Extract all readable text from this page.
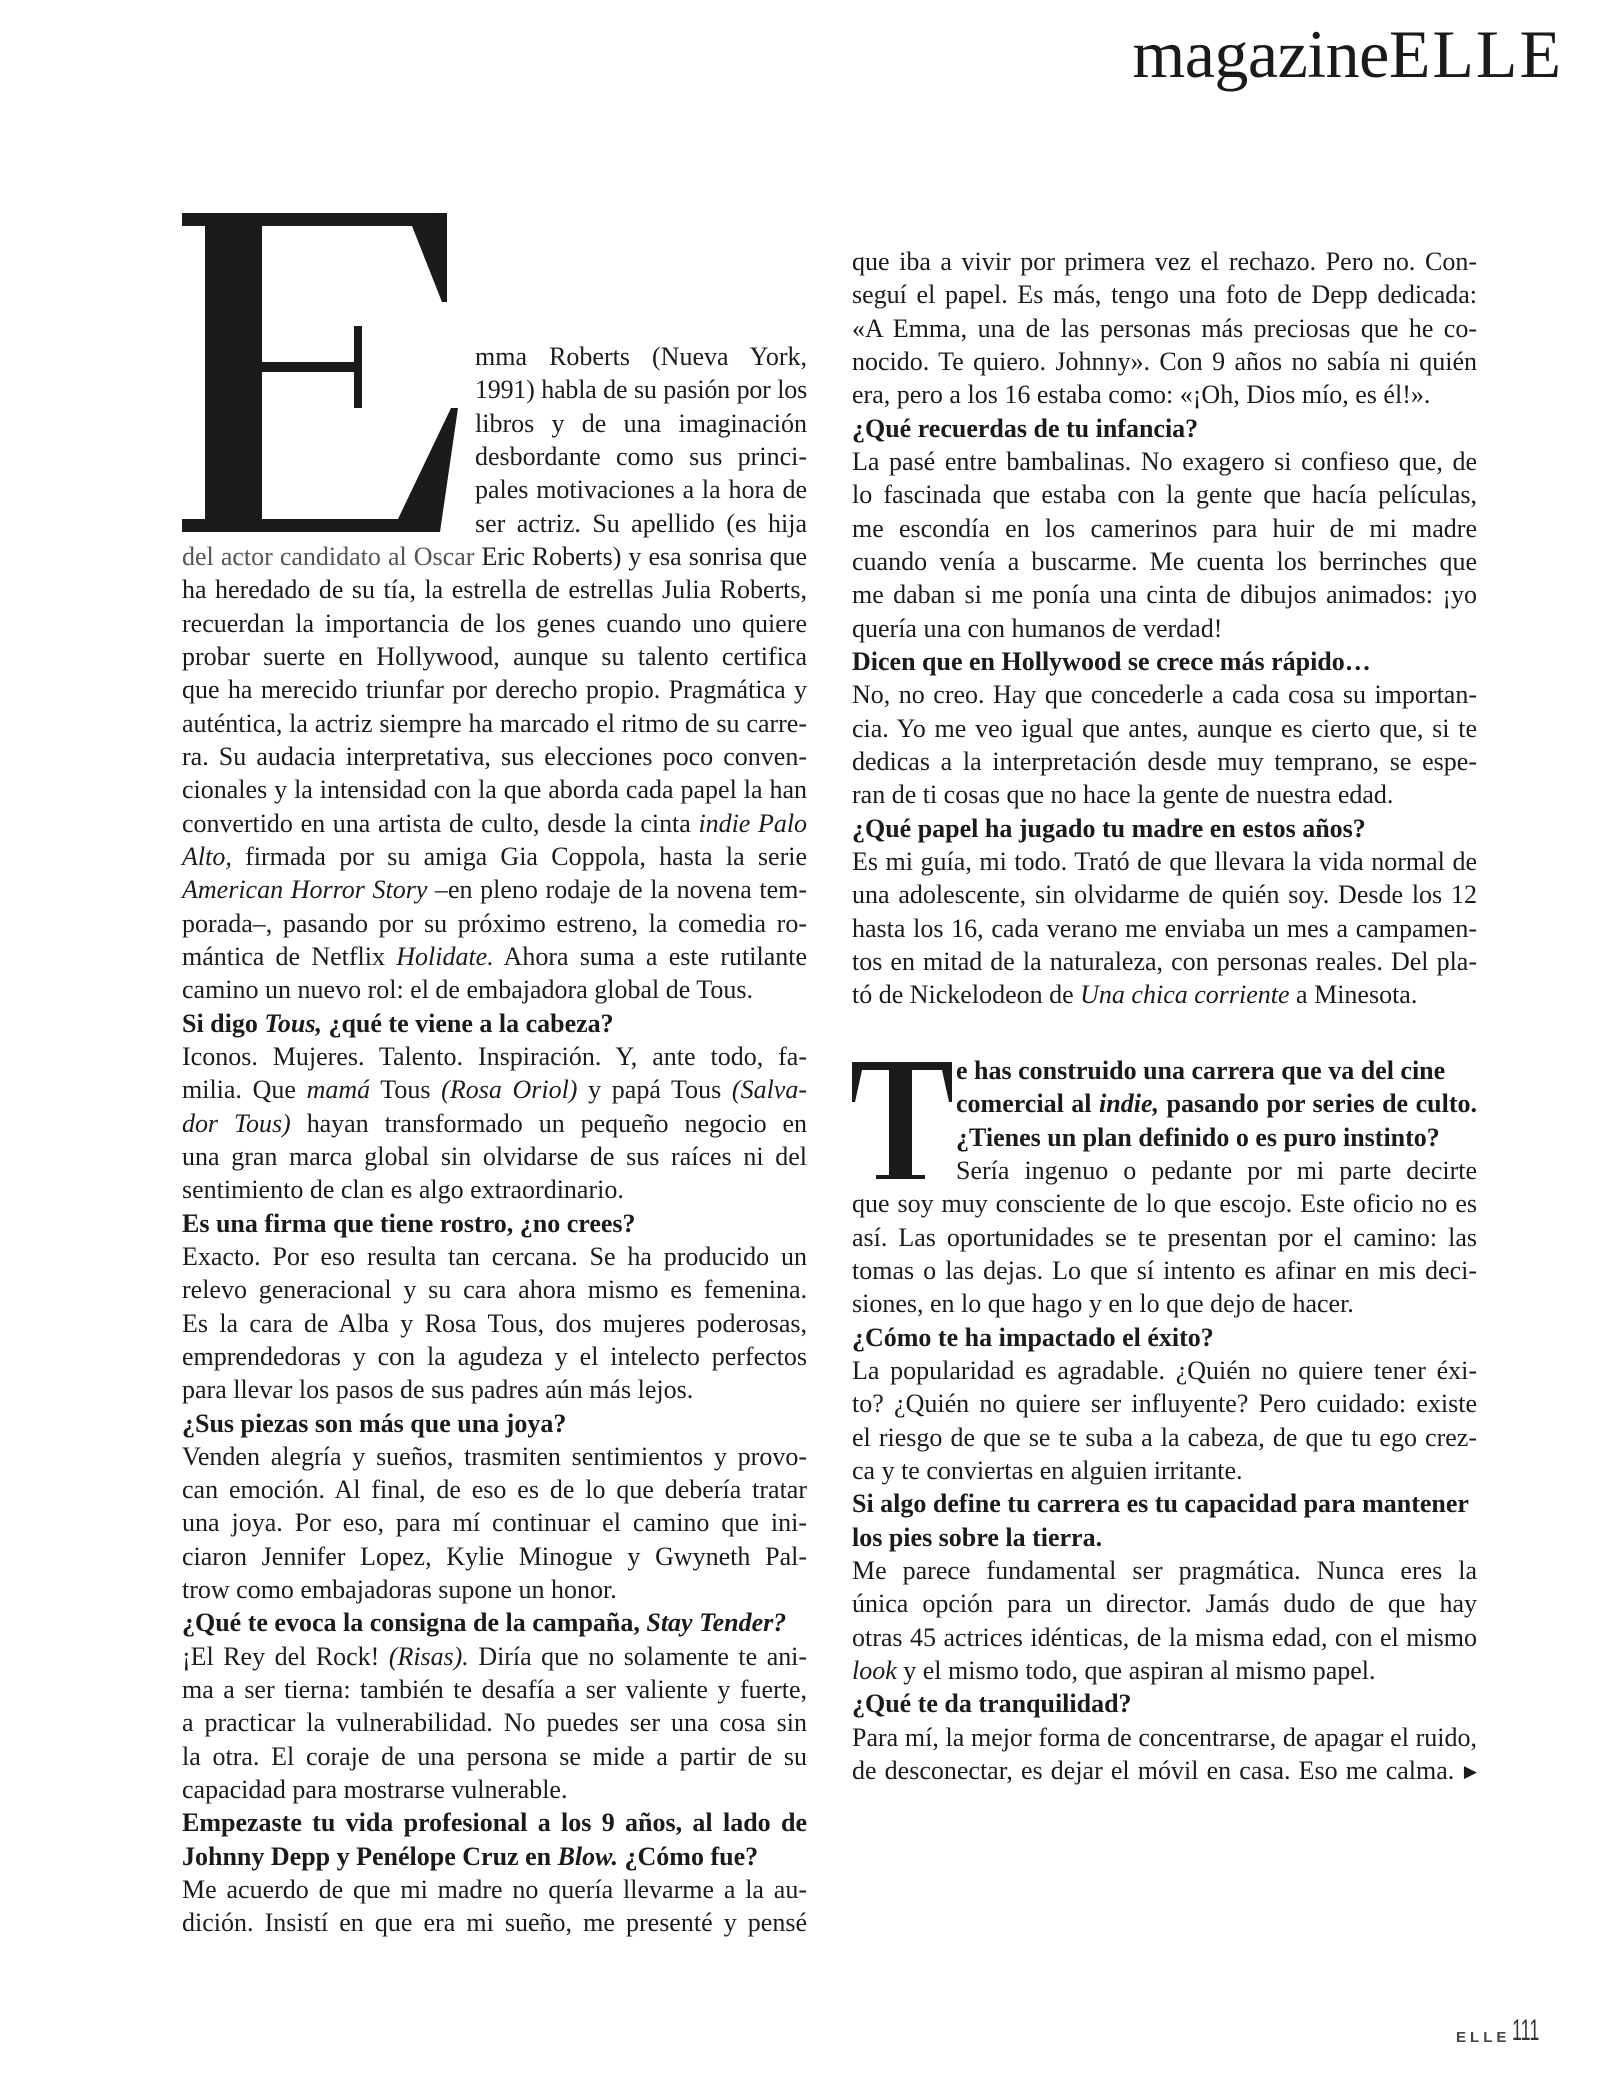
magazineELLE
mma Roberts (Nueva York,
1991) habla de su pasión por los
libros y de una imaginación
desbordante como sus princi-
pales motivaciones a la hora de
ser actriz. Su apellido (es hija
del actor candidato al Oscar Eric Roberts) y esa sonrisa que
ha heredado de su tía, la estrella de estrellas Julia Roberts,
recuerdan la importancia de los genes cuando uno quiere
probar suerte en Hollywood, aunque su talento certifica
que ha merecido triunfar por derecho propio. Pragmática y
auténtica, la actriz siempre ha marcado el ritmo de su carre-
ra. Su audacia interpretativa, sus elecciones poco conven-
cionales y la intensidad con la que aborda cada papel la han
convertido en una artista de culto, desde la cinta indie Palo
Alto, firmada por su amiga Gia Coppola, hasta la serie
American Horror Story –en pleno rodaje de la novena tem-
porada–, pasando por su próximo estreno, la comedia ro-
mántica de Netflix Holidate. Ahora suma a este rutilante
camino un nuevo rol: el de embajadora global de Tous.
Si digo Tous, ¿qué te viene a la cabeza?
Iconos. Mujeres. Talento. Inspiración. Y, ante todo, fa-
milia. Que mamá Tous (Rosa Oriol) y papá Tous (Salva-
dor Tous) hayan transformado un pequeño negocio en
una gran marca global sin olvidarse de sus raíces ni del
sentimiento de clan es algo extraordinario.
Es una firma que tiene rostro, ¿no crees?
Exacto. Por eso resulta tan cercana. Se ha producido un
relevo generacional y su cara ahora mismo es femenina.
Es la cara de Alba y Rosa Tous, dos mujeres poderosas,
emprendedoras y con la agudeza y el intelecto perfectos
para llevar los pasos de sus padres aún más lejos.
¿Sus piezas son más que una joya?
Venden alegría y sueños, trasmiten sentimientos y provo-
can emoción. Al final, de eso es de lo que debería tratar
una joya. Por eso, para mí continuar el camino que ini-
ciaron Jennifer Lopez, Kylie Minogue y Gwyneth Pal-
trow como embajadoras supone un honor.
¿Qué te evoca la consigna de la campaña, Stay Tender?
¡El Rey del Rock! (Risas). Diría que no solamente te ani-
ma a ser tierna: también te desafía a ser valiente y fuerte,
a practicar la vulnerabilidad. No puedes ser una cosa sin
la otra. El coraje de una persona se mide a partir de su
capacidad para mostrarse vulnerable.
Empezaste tu vida profesional a los 9 años, al lado de
Johnny Depp y Penélope Cruz en Blow. ¿Cómo fue?
Me acuerdo de que mi madre no quería llevarme a la au-
dición. Insistí en que era mi sueño, me presenté y pensé
que iba a vivir por primera vez el rechazo. Pero no. Con-
seguí el papel. Es más, tengo una foto de Depp dedicada:
«A Emma, una de las personas más preciosas que he co-
nocido. Te quiero. Johnny». Con 9 años no sabía ni quién
era, pero a los 16 estaba como: «¡Oh, Dios mío, es él!».
¿Qué recuerdas de tu infancia?
La pasé entre bambalinas. No exagero si confieso que, de
lo fascinada que estaba con la gente que hacía películas,
me escondía en los camerinos para huir de mi madre
cuando venía a buscarme. Me cuenta los berrinches que
me daban si me ponía una cinta de dibujos animados: ¡yo
quería una con humanos de verdad!
Dicen que en Hollywood se crece más rápido…
No, no creo. Hay que concederle a cada cosa su importan-
cia. Yo me veo igual que antes, aunque es cierto que, si te
dedicas a la interpretación desde muy temprano, se espe-
ran de ti cosas que no hace la gente de nuestra edad.
¿Qué papel ha jugado tu madre en estos años?
Es mi guía, mi todo. Trató de que llevara la vida normal de
una adolescente, sin olvidarme de quién soy. Desde los 12
hasta los 16, cada verano me enviaba un mes a campamen-
tos en mitad de la naturaleza, con personas reales. Del pla-
tó de Nickelodeon de Una chica corriente a Minesota.
e has construido una carrera que va del cine
comercial al indie, pasando por series de culto.
¿Tienes un plan definido o es puro instinto?
Sería ingenuo o pedante por mi parte decirte
que soy muy consciente de lo que escojo. Este oficio no es
así. Las oportunidades se te presentan por el camino: las
tomas o las dejas. Lo que sí intento es afinar en mis deci-
siones, en lo que hago y en lo que dejo de hacer.
¿Cómo te ha impactado el éxito?
La popularidad es agradable. ¿Quién no quiere tener éxi-
to? ¿Quién no quiere ser influyente? Pero cuidado: existe
el riesgo de que se te suba a la cabeza, de que tu ego crez-
ca y te conviertas en alguien irritante.
Si algo define tu carrera es tu capacidad para mantener
los pies sobre la tierra.
Me parece fundamental ser pragmática. Nunca eres la
única opción para un director. Jamás dudo de que hay
otras 45 actrices idénticas, de la misma edad, con el mismo
look y el mismo todo, que aspiran al mismo papel.
¿Qué te da tranquilidad?
Para mí, la mejor forma de concentrarse, de apagar el ruido,
de desconectar, es dejar el móvil en casa. Eso me calma. ▶
ELLE111
